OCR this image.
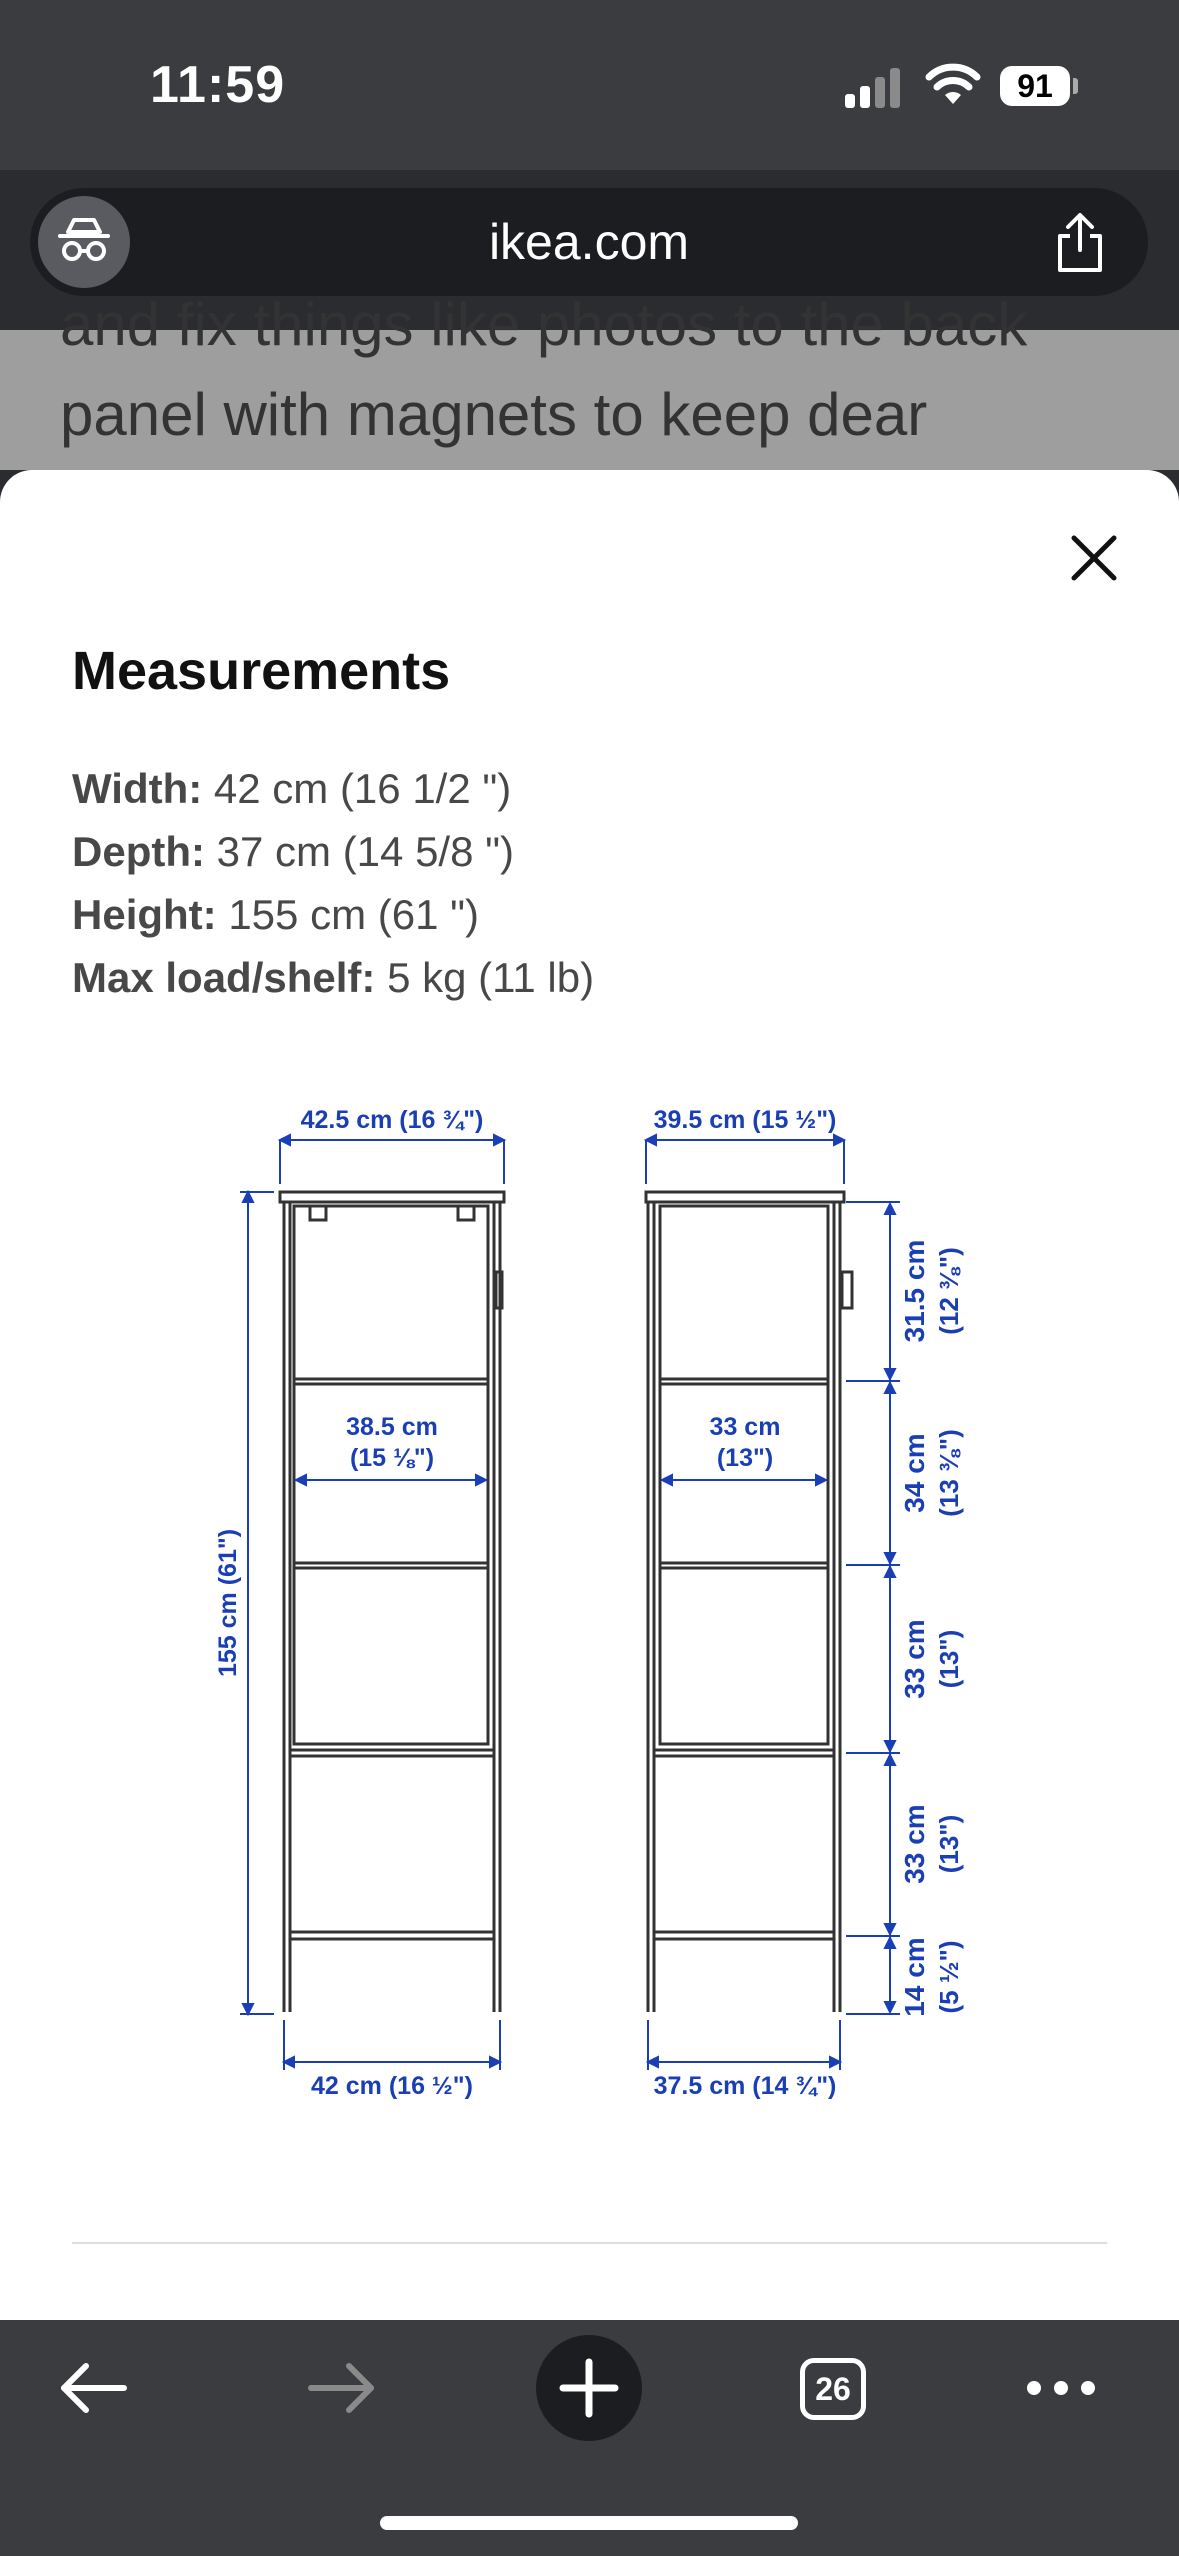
11:59	91
ikea.com
and fix things like photos to the back
panel with magnets to keep dear
Measurements
Width: 42 cm (16 1/2 ")
Depth: 37 cm (14 5/8 ")
Height: 155 cm (61 ")
Max load/shelf: 5 kg (11 lb)
42.5 cm (16 ¾")
38.5 cm
(15 ⅛")
42 cm (16 ½")
155 cm (61")
39.5 cm (15 ½")
33 cm
(13")
37.5 cm (14 ¾")
31.5 cm (12 ⅜")
34 cm (13 ⅜")
33 cm (13")
33 cm (13")
14 cm (5 ½")
26
